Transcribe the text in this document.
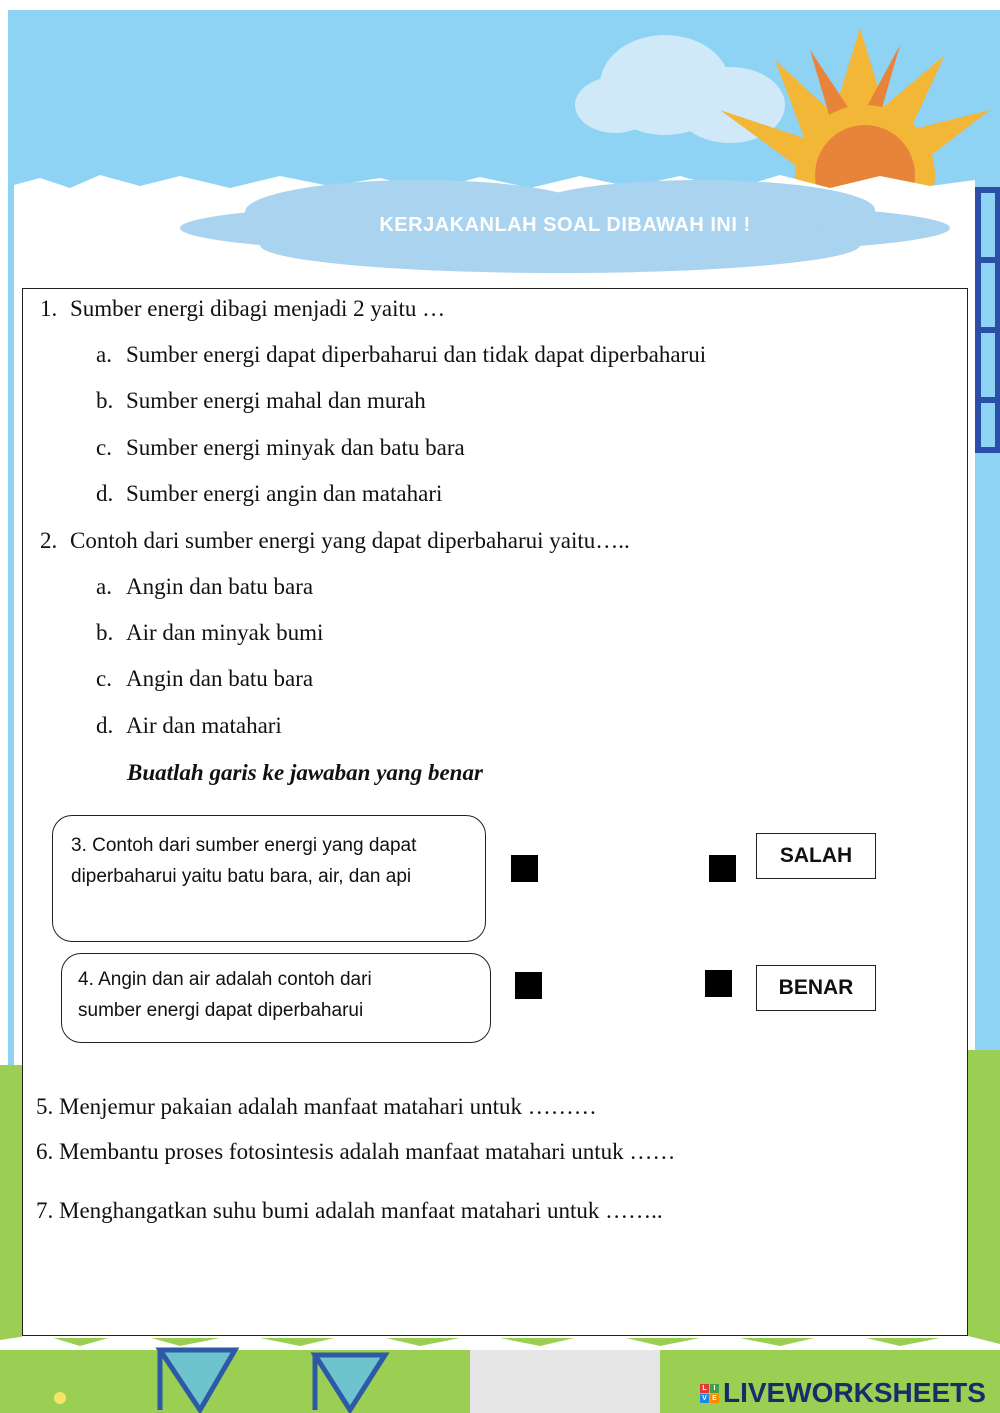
KERJAKANLAH SOAL DIBAWAH INI !
1. Sumber energi dibagi menjadi 2 yaitu …
a. Sumber energi dapat diperbaharui dan tidak dapat diperbaharui
b. Sumber energi mahal dan murah
c. Sumber energi minyak dan batu bara
d. Sumber energi angin dan matahari
2. Contoh dari sumber energi yang dapat diperbaharui yaitu…..
a. Angin dan batu bara
b. Air dan minyak bumi
c. Angin dan batu bara
d. Air dan matahari
Buatlah garis ke jawaban yang benar
3. Contoh dari sumber energi yang dapat
diperbaharui yaitu batu bara, air, dan api
SALAH
4. Angin dan air adalah contoh dari
sumber energi dapat diperbaharui
BENAR
5. Menjemur pakaian adalah manfaat matahari untuk ………
6. Membantu proses fotosintesis adalah manfaat matahari untuk ……
7. Menghangatkan suhu bumi adalah manfaat matahari untuk ……..
L I
V E LIVEWORKSHEETS
